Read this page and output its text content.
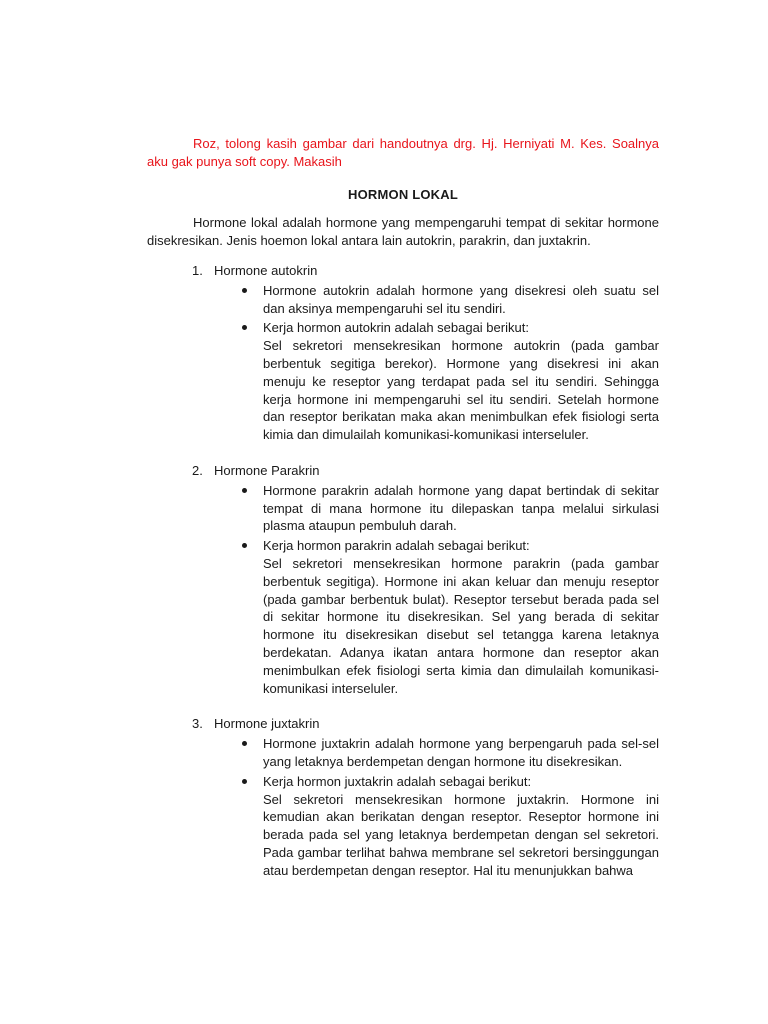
Roz, tolong kasih gambar dari handoutnya drg. Hj. Herniyati M. Kes. Soalnya aku gak punya soft copy. Makasih

HORMON LOKAL

Hormone lokal adalah hormone yang mempengaruhi tempat di sekitar hormone disekresikan. Jenis hoemon lokal antara lain autokrin, parakrin, dan juxtakrin.

1. Hormone autokrin

Hormone autokrin adalah hormone yang disekresi oleh suatu sel dan aksinya mempengaruhi sel itu sendiri.

Kerja hormon autokrin adalah sebagai berikut:

Sel sekretori mensekresikan hormone autokrin (pada gambar berbentuk segitiga berekor). Hormone yang disekresi ini akan menuju ke reseptor yang terdapat pada sel itu sendiri. Sehingga kerja hormone ini mempengaruhi sel itu sendiri. Setelah hormone dan reseptor berikatan maka akan menimbulkan efek fisiologi serta kimia dan dimulailah komunikasi-komunikasi interseluler.

2. Hormone Parakrin

Hormone parakrin adalah hormone yang dapat bertindak di sekitar tempat di mana hormone itu dilepaskan tanpa melalui sirkulasi plasma ataupun pembuluh darah.

Kerja hormon parakrin adalah sebagai berikut:

Sel sekretori mensekresikan hormone parakrin (pada gambar berbentuk segitiga). Hormone ini akan keluar dan menuju reseptor (pada gambar berbentuk bulat). Reseptor tersebut berada pada sel di sekitar hormone itu disekresikan. Sel yang berada di sekitar hormone itu disekresikan disebut sel tetangga karena letaknya berdekatan. Adanya ikatan antara hormone dan reseptor akan menimbulkan efek fisiologi serta kimia dan dimulailah komunikasi-komunikasi interseluler.

3. Hormone juxtakrin

Hormone juxtakrin adalah hormone yang berpengaruh pada sel-sel yang letaknya berdempetan dengan hormone itu disekresikan.

Kerja hormon juxtakrin adalah sebagai berikut:

Sel sekretori mensekresikan hormone juxtakrin. Hormone ini kemudian akan berikatan dengan reseptor. Reseptor hormone ini berada pada sel yang letaknya berdempetan dengan sel sekretori. Pada gambar terlihat bahwa membrane sel sekretori bersinggungan atau berdempetan dengan reseptor. Hal itu menunjukkan bahwa
